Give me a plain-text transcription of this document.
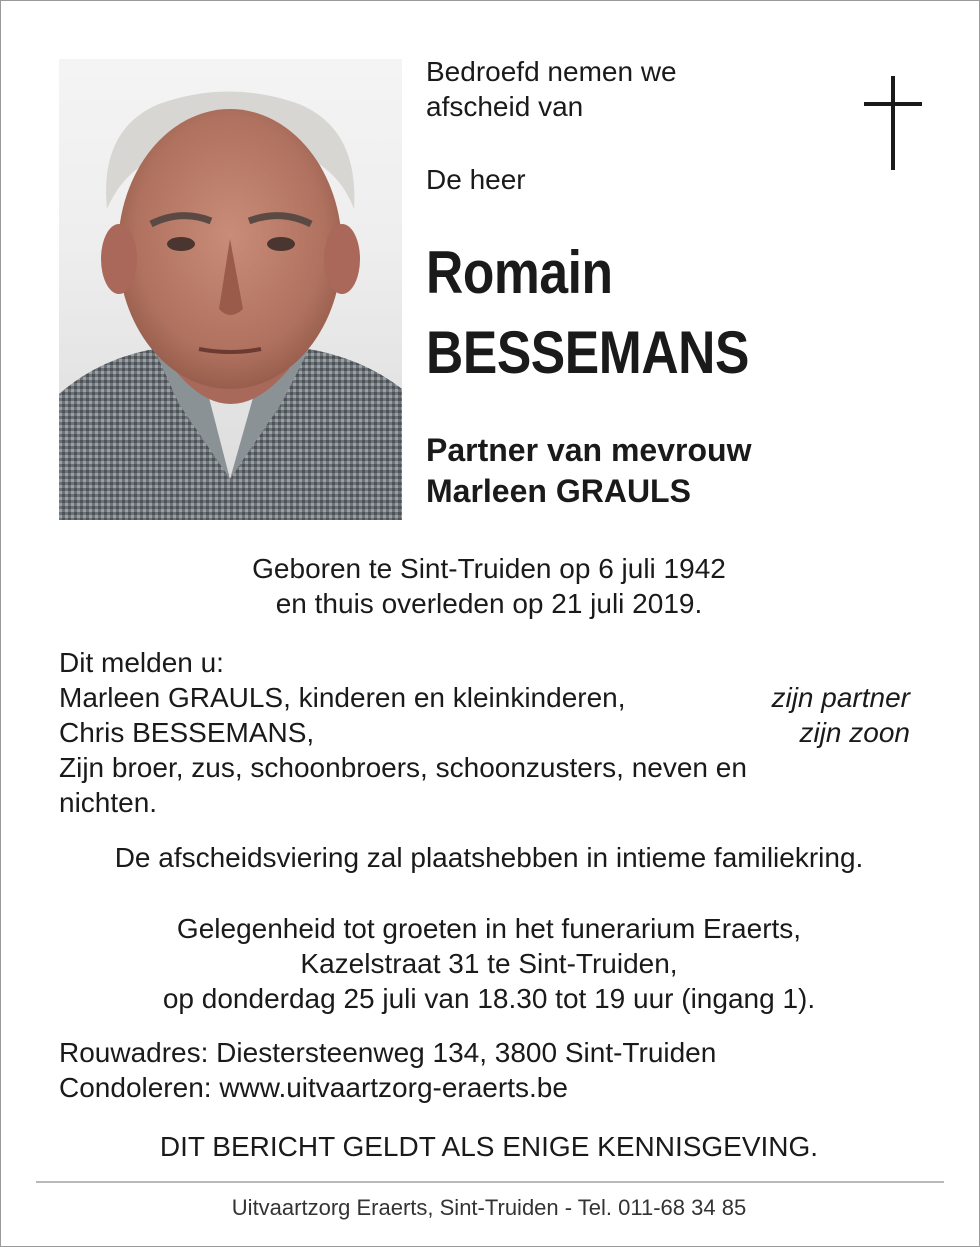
Bedroefd nemen we
afscheid van
De heer
Romain
BESSEMANS
Partner van mevrouw
Marleen GRAULS
Geboren te Sint-Truiden op 6 juli 1942
en thuis overleden op 21 juli 2019.
Dit melden u:
Marleen GRAULS, kinderen en kleinkinderen,	zijn partner
Chris BESSEMANS,	zijn zoon
Zijn broer, zus, schoonbroers, schoonzusters, neven en
nichten.
De afscheidsviering zal plaatshebben in intieme familiekring.
Gelegenheid tot groeten in het funerarium Eraerts,
Kazelstraat 31 te Sint-Truiden,
op donderdag 25 juli van 18.30 tot 19 uur (ingang 1).
Rouwadres: Diestersteenweg 134, 3800 Sint-Truiden
Condoleren: www.uitvaartzorg-eraerts.be
DIT BERICHT GELDT ALS ENIGE KENNISGEVING.
Uitvaartzorg Eraerts, Sint-Truiden - Tel. 011-68 34 85
